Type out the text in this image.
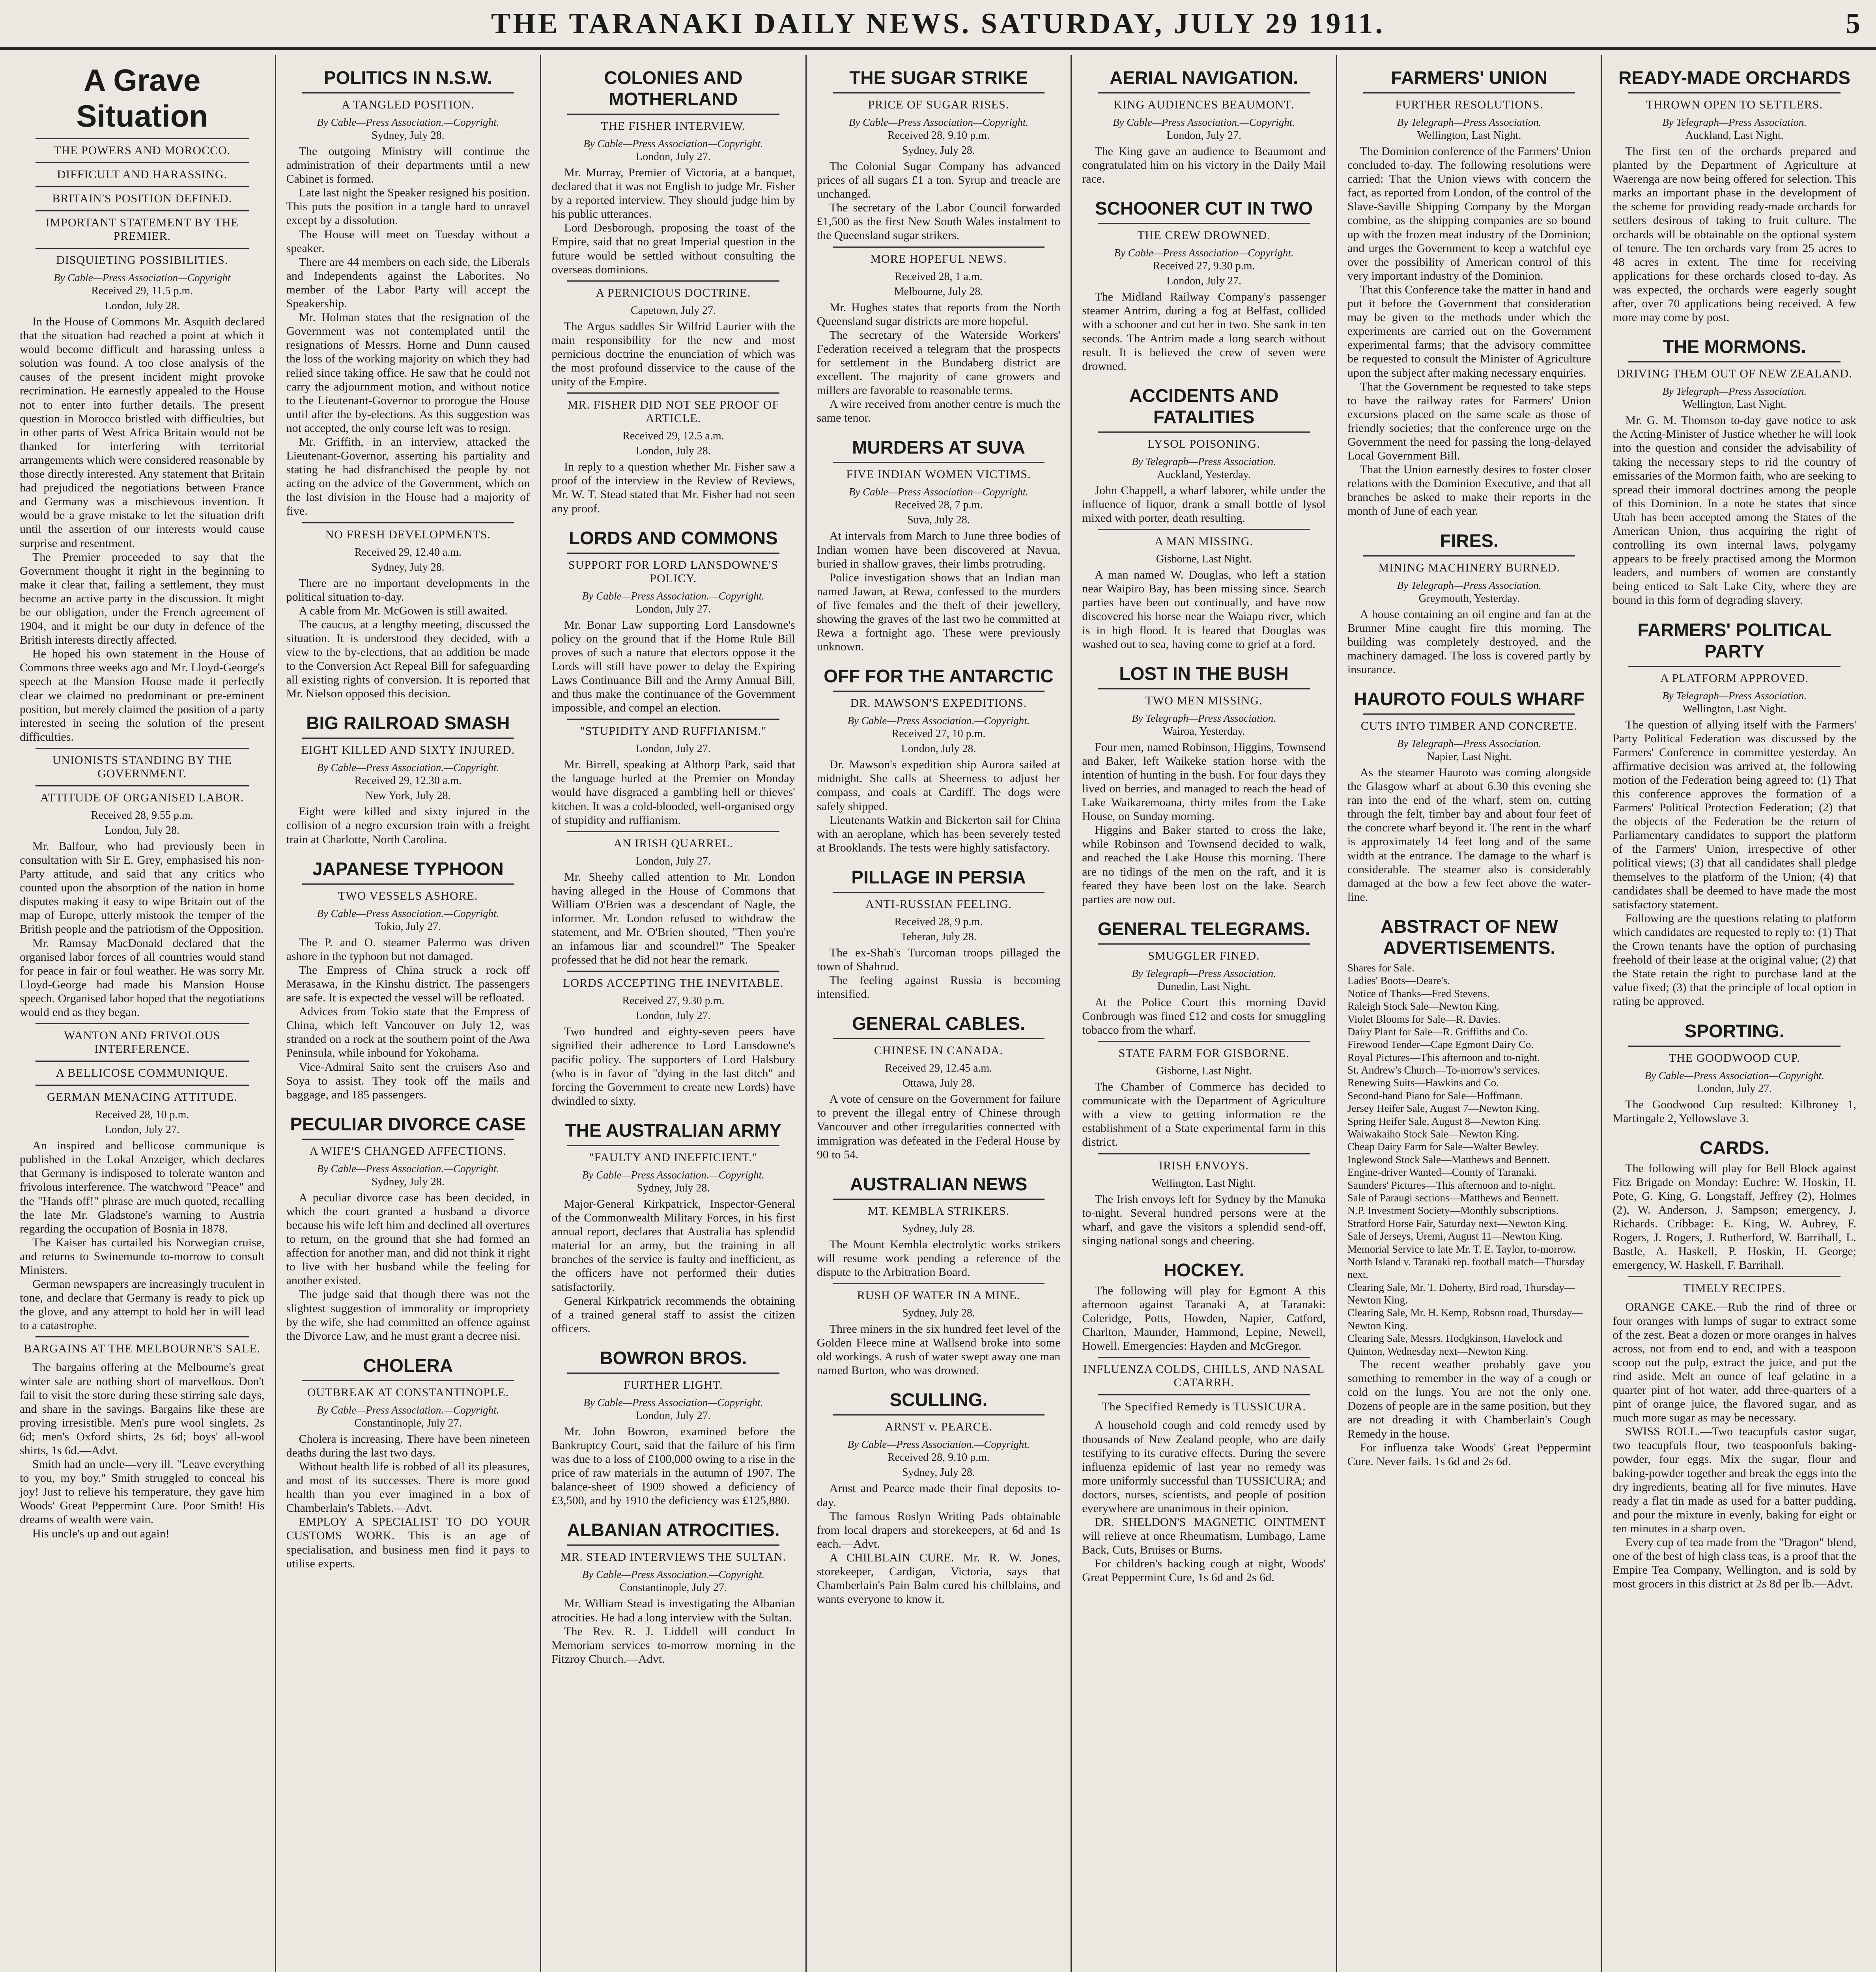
THE TARANAKI DAILY NEWS. SATURDAY, JULY 29 1911.	5
A Grave Situation
THE POWERS AND MOROCCO.
DIFFICULT AND HARASSING.
BRITAIN'S POSITION DEFINED.
IMPORTANT STATEMENT BY THE PREMIER.
DISQUIETING POSSIBILITIES.
By Cable—Press Association—Copyright
Received 29, 11.5 p.m.
London, July 28.

In the House of Commons Mr. Asquith declared that the situation had reached a point at which it would become difficult and harassing unless a solution was found. A too close analysis of the causes of the present incident might provoke recrimination. He earnestly appealed to the House not to enter into further details. The present question in Morocco bristled with difficulties, but in other parts of West Africa Britain would not be thanked for interfering with territorial arrangements which were considered reasonable by those directly interested. Any statement that Britain had prejudiced the negotiations between France and Germany was a mischievous invention. It would be a grave mistake to let the situation drift until the assertion of our interests would cause surprise and resentment.

The Premier proceeded to say that the Government thought it right in the beginning to make it clear that, failing a settlement, they must become an active party in the discussion. It might be our obligation, under the French agreement of 1904, and it might be our duty in defence of the British interests directly affected.

He hoped his own statement in the House of Commons three weeks ago and Mr. Lloyd-George's speech at the Mansion House made it perfectly clear we claimed no predominant or pre-eminent position, but merely claimed the position of a party interested in seeing the solution of the present difficulties.

UNIONISTS STANDING BY THE GOVERNMENT.
ATTITUDE OF ORGANISED LABOR.
Received 28, 9.55 p.m.
London, July 28.

Mr. Balfour, who had previously been in consultation with Sir E. Grey, emphasised his non-Party attitude, and said that any critics who counted upon the absorption of the nation in home disputes making it easy to wipe Britain out of the map of Europe, utterly mistook the temper of the British people and the patriotism of the Opposition.

Mr. Ramsay MacDonald declared that the organised labor forces of all countries would stand for peace in fair or foul weather. He was sorry Mr. Lloyd-George had made his Mansion House speech. Organised labor hoped that the negotiations would end as they began.

WANTON AND FRIVOLOUS INTERFERENCE.
A BELLICOSE COMMUNIQUE.
GERMAN MENACING ATTITUDE.
Received 28, 10 p.m.
London, July 27.

An inspired and bellicose communique is published in the Lokal Anzeiger, which declares that Germany is indisposed to tolerate wanton and frivolous interference. The watchword "Peace" and the "Hands off!" phrase are much quoted, recalling the late Mr. Gladstone's warning to Austria regarding the occupation of Bosnia in 1878.

The Kaiser has curtailed his Norwegian cruise, and returns to Swinemunde to-morrow to consult Ministers.

German newspapers are increasingly truculent in tone, and declare that Germany is ready to pick up the glove, and any attempt to hold her in will lead to a catastrophe.

BARGAINS AT THE MELBOURNE'S SALE.

The bargains offering at the Melbourne's great winter sale are nothing short of marvellous. Don't fail to visit the store during these stirring sale days, and share in the savings. Bargains like these are proving irresistible. Men's pure wool singlets, 2s 6d; men's Oxford shirts, 2s 6d; boys' all-wool shirts, 1s 6d.—Advt.

Smith had an uncle—very ill. "Leave everything to you, my boy." Smith struggled to conceal his joy! Just to relieve his temperature, they gave him Woods' Great Peppermint Cure. Poor Smith! His dreams of wealth were vain.

His uncle's up and out again!

POLITICS IN N.S.W.
A TANGLED POSITION.
By Cable—Press Association.—Copyright.
Sydney, July 28.

The outgoing Ministry will continue the administration of their departments until a new Cabinet is formed.

Late last night the Speaker resigned his position. This puts the position in a tangle hard to unravel except by a dissolution.

The House will meet on Tuesday without a speaker.

There are 44 members on each side, the Liberals and Independents against the Laborites. No member of the Labor Party will accept the Speakership.

Mr. Holman states that the resignation of the Government was not contemplated until the resignations of Messrs. Horne and Dunn caused the loss of the working majority on which they had relied since taking office. He saw that he could not carry the adjournment motion, and without notice to the Lieutenant-Governor to prorogue the House until after the by-elections. As this suggestion was not accepted, the only course left was to resign.

Mr. Griffith, in an interview, attacked the Lieutenant-Governor, asserting his partiality and stating he had disfranchised the people by not acting on the advice of the Government, which on the last division in the House had a majority of five.

NO FRESH DEVELOPMENTS.
Received 29, 12.40 a.m.
Sydney, July 28.

There are no important developments in the political situation to-day.

A cable from Mr. McGowen is still awaited.

The caucus, at a lengthy meeting, discussed the situation. It is understood they decided, with a view to the by-elections, that an addition be made to the Conversion Act Repeal Bill for safeguarding all existing rights of conversion. It is reported that Mr. Nielson opposed this decision.

BIG RAILROAD SMASH
EIGHT KILLED AND SIXTY INJURED.
By Cable—Press Association.—Copyright.
Received 29, 12.30 a.m.
New York, July 28.

Eight were killed and sixty injured in the collision of a negro excursion train with a freight train at Charlotte, North Carolina.

JAPANESE TYPHOON
TWO VESSELS ASHORE.
By Cable—Press Association.—Copyright.
Tokio, July 27.

The P. and O. steamer Palermo was driven ashore in the typhoon but not damaged.

The Empress of China struck a rock off Merasawa, in the Kinshu district. The passengers are safe. It is expected the vessel will be refloated.

Advices from Tokio state that the Empress of China, which left Vancouver on July 12, was stranded on a rock at the southern point of the Awa Peninsula, while inbound for Yokohama.

Vice-Admiral Saito sent the cruisers Aso and Soya to assist. They took off the mails and baggage, and 185 passengers.

PECULIAR DIVORCE CASE
A WIFE'S CHANGED AFFECTIONS.
By Cable—Press Association.—Copyright.
Sydney, July 28.

A peculiar divorce case has been decided, in which the court granted a husband a divorce because his wife left him and declined all overtures to return, on the ground that she had formed an affection for another man, and did not think it right to live with her husband while the feeling for another existed.

The judge said that though there was not the slightest suggestion of immorality or impropriety by the wife, she had committed an offence against the Divorce Law, and he must grant a decree nisi.

CHOLERA
OUTBREAK AT CONSTANTINOPLE.
By Cable—Press Association.—Copyright.
Constantinople, July 27.

Cholera is increasing. There have been nineteen deaths during the last two days.

Without health life is robbed of all its pleasures, and most of its successes. There is more good health than you ever imagined in a box of Chamberlain's Tablets.—Advt.

EMPLOY A SPECIALIST TO DO YOUR CUSTOMS WORK. This is an age of specialisation, and business men find it pays to utilise experts.

COLONIES AND MOTHERLAND
THE FISHER INTERVIEW.
By Cable—Press Association—Copyright.
London, July 27.

Mr. Murray, Premier of Victoria, at a banquet, declared that it was not English to judge Mr. Fisher by a reported interview. They should judge him by his public utterances.

Lord Desborough, proposing the toast of the Empire, said that no great Imperial question in the future would be settled without consulting the overseas dominions.

A PERNICIOUS DOCTRINE.
Capetown, July 27.

The Argus saddles Sir Wilfrid Laurier with the main responsibility for the new and most pernicious doctrine the enunciation of which was the most profound disservice to the cause of the unity of the Empire.

MR. FISHER DID NOT SEE PROOF OF ARTICLE.
Received 29, 12.5 a.m.
London, July 28.

In reply to a question whether Mr. Fisher saw a proof of the interview in the Review of Reviews, Mr. W. T. Stead stated that Mr. Fisher had not seen any proof.

LORDS AND COMMONS
SUPPORT FOR LORD LANSDOWNE'S POLICY.
By Cable—Press Association.—Copyright.
London, July 27.

Mr. Bonar Law supporting Lord Lansdowne's policy on the ground that if the Home Rule Bill proves of such a nature that electors oppose it the Lords will still have power to delay the Expiring Laws Continuance Bill and the Army Annual Bill, and thus make the continuance of the Government impossible, and compel an election.

"STUPIDITY AND RUFFIANISM."
London, July 27.

Mr. Birrell, speaking at Althorp Park, said that the language hurled at the Premier on Monday would have disgraced a gambling hell or thieves' kitchen. It was a cold-blooded, well-organised orgy of stupidity and ruffianism.

AN IRISH QUARREL.
London, July 27.

Mr. Sheehy called attention to Mr. London having alleged in the House of Commons that William O'Brien was a descendant of Nagle, the informer. Mr. London refused to withdraw the statement, and Mr. O'Brien shouted, "Then you're an infamous liar and scoundrel!" The Speaker professed that he did not hear the remark.

LORDS ACCEPTING THE INEVITABLE.
Received 27, 9.30 p.m.
London, July 27.

Two hundred and eighty-seven peers have signified their adherence to Lord Lansdowne's pacific policy. The supporters of Lord Halsbury (who is in favor of "dying in the last ditch" and forcing the Government to create new Lords) have dwindled to sixty.

THE AUSTRALIAN ARMY
"FAULTY AND INEFFICIENT."
By Cable—Press Association.—Copyright.
Sydney, July 28.

Major-General Kirkpatrick, Inspector-General of the Commonwealth Military Forces, in his first annual report, declares that Australia has splendid material for an army, but the training in all branches of the service is faulty and inefficient, as the officers have not performed their duties satisfactorily.

General Kirkpatrick recommends the obtaining of a trained general staff to assist the citizen officers.

BOWRON BROS.
FURTHER LIGHT.
By Cable—Press Association—Copyright.
London, July 27.

Mr. John Bowron, examined before the Bankruptcy Court, said that the failure of his firm was due to a loss of £100,000 owing to a rise in the price of raw materials in the autumn of 1907. The balance-sheet of 1909 showed a deficiency of £3,500, and by 1910 the deficiency was £125,880.

ALBANIAN ATROCITIES.
MR. STEAD INTERVIEWS THE SULTAN.
By Cable—Press Association.—Copyright.
Constantinople, July 27.

Mr. William Stead is investigating the Albanian atrocities. He had a long interview with the Sultan.

The Rev. R. J. Liddell will conduct In Memoriam services to-morrow morning in the Fitzroy Church.—Advt.

THE SUGAR STRIKE
PRICE OF SUGAR RISES.
By Cable—Press Association—Copyright.
Received 28, 9.10 p.m.
Sydney, July 28.

The Colonial Sugar Company has advanced prices of all sugars £1 a ton. Syrup and treacle are unchanged.

The secretary of the Labor Council forwarded £1,500 as the first New South Wales instalment to the Queensland sugar strikers.

MORE HOPEFUL NEWS.
Received 28, 1 a.m.
Melbourne, July 28.

Mr. Hughes states that reports from the North Queensland sugar districts are more hopeful.

The secretary of the Waterside Workers' Federation received a telegram that the prospects for settlement in the Bundaberg district are excellent. The majority of cane growers and millers are favorable to reasonable terms.

A wire received from another centre is much the same tenor.

MURDERS AT SUVA
FIVE INDIAN WOMEN VICTIMS.
By Cable—Press Association—Copyright.
Received 28, 7 p.m.
Suva, July 28.

At intervals from March to June three bodies of Indian women have been discovered at Navua, buried in shallow graves, their limbs protruding.

Police investigation shows that an Indian man named Jawan, at Rewa, confessed to the murders of five females and the theft of their jewellery, showing the graves of the last two he committed at Rewa a fortnight ago. These were previously unknown.

OFF FOR THE ANTARCTIC
DR. MAWSON'S EXPEDITIONS.
By Cable—Press Association.—Copyright.
Received 27, 10 p.m.
London, July 28.

Dr. Mawson's expedition ship Aurora sailed at midnight. She calls at Sheerness to adjust her compass, and coals at Cardiff. The dogs were safely shipped.

Lieutenants Watkin and Bickerton sail for China with an aeroplane, which has been severely tested at Brooklands. The tests were highly satisfactory.

PILLAGE IN PERSIA
ANTI-RUSSIAN FEELING.
Received 28, 9 p.m.
Teheran, July 28.

The ex-Shah's Turcoman troops pillaged the town of Shahrud.

The feeling against Russia is becoming intensified.

GENERAL CABLES.
CHINESE IN CANADA.
Received 29, 12.45 a.m.
Ottawa, July 28.

A vote of censure on the Government for failure to prevent the illegal entry of Chinese through Vancouver and other irregularities connected with immigration was defeated in the Federal House by 90 to 54.

AUSTRALIAN NEWS
MT. KEMBLA STRIKERS.
Sydney, July 28.

The Mount Kembla electrolytic works strikers will resume work pending a reference of the dispute to the Arbitration Board.

RUSH OF WATER IN A MINE.
Sydney, July 28.

Three miners in the six hundred feet level of the Golden Fleece mine at Wallsend broke into some old workings. A rush of water swept away one man named Burton, who was drowned.

SCULLING.
ARNST v. PEARCE.
By Cable—Press Association.—Copyright.
Received 28, 9.10 p.m.
Sydney, July 28.

Arnst and Pearce made their final deposits to-day.

The famous Roslyn Writing Pads obtainable from local drapers and storekeepers, at 6d and 1s each.—Advt.

A CHILBLAIN CURE. Mr. R. W. Jones, storekeeper, Cardigan, Victoria, says that Chamberlain's Pain Balm cured his chilblains, and wants everyone to know it.

AERIAL NAVIGATION.
KING AUDIENCES BEAUMONT.
By Cable—Press Association.—Copyright.
London, July 27.

The King gave an audience to Beaumont and congratulated him on his victory in the Daily Mail race.

SCHOONER CUT IN TWO
THE CREW DROWNED.
By Cable—Press Association—Copyright.
Received 27, 9.30 p.m.
London, July 27.

The Midland Railway Company's passenger steamer Antrim, during a fog at Belfast, collided with a schooner and cut her in two. She sank in ten seconds. The Antrim made a long search without result. It is believed the crew of seven were drowned.

ACCIDENTS AND FATALITIES
LYSOL POISONING.
By Telegraph—Press Association.
Auckland, Yesterday.

John Chappell, a wharf laborer, while under the influence of liquor, drank a small bottle of lysol mixed with porter, death resulting.

A MAN MISSING.
Gisborne, Last Night.

A man named W. Douglas, who left a station near Waipiro Bay, has been missing since. Search parties have been out continually, and have now discovered his horse near the Waiapu river, which is in high flood. It is feared that Douglas was washed out to sea, having come to grief at a ford.

LOST IN THE BUSH
TWO MEN MISSING.
By Telegraph—Press Association.
Wairoa, Yesterday.

Four men, named Robinson, Higgins, Townsend and Baker, left Waikeke station horse with the intention of hunting in the bush. For four days they lived on berries, and managed to reach the head of Lake Waikaremoana, thirty miles from the Lake House, on Sunday morning.

Higgins and Baker started to cross the lake, while Robinson and Townsend decided to walk, and reached the Lake House this morning. There are no tidings of the men on the raft, and it is feared they have been lost on the lake. Search parties are now out.

GENERAL TELEGRAMS.
SMUGGLER FINED.
By Telegraph—Press Association.
Dunedin, Last Night.

At the Police Court this morning David Conbrough was fined £12 and costs for smuggling tobacco from the wharf.

STATE FARM FOR GISBORNE.
Gisborne, Last Night.

The Chamber of Commerce has decided to communicate with the Department of Agriculture with a view to getting information re the establishment of a State experimental farm in this district.

IRISH ENVOYS.
Wellington, Last Night.

The Irish envoys left for Sydney by the Manuka to-night. Several hundred persons were at the wharf, and gave the visitors a splendid send-off, singing national songs and cheering.

HOCKEY.

The following will play for Egmont A this afternoon against Taranaki A, at Taranaki: Coleridge, Potts, Howden, Napier, Catford, Charlton, Maunder, Hammond, Lepine, Newell, Howell. Emergencies: Hayden and McGregor.

INFLUENZA COLDS, CHILLS, AND NASAL CATARRH.
The Specified Remedy is TUSSICURA.

A household cough and cold remedy used by thousands of New Zealand people, who are daily testifying to its curative effects. During the severe influenza epidemic of last year no remedy was more uniformly successful than TUSSICURA; and doctors, nurses, scientists, and people of position everywhere are unanimous in their opinion.

DR. SHELDON'S MAGNETIC OINTMENT will relieve at once Rheumatism, Lumbago, Lame Back, Cuts, Bruises or Burns.

For children's hacking cough at night, Woods' Great Peppermint Cure, 1s 6d and 2s 6d.

FARMERS' UNION
FURTHER RESOLUTIONS.
By Telegraph—Press Association.
Wellington, Last Night.

The Dominion conference of the Farmers' Union concluded to-day. The following resolutions were carried: That the Union views with concern the fact, as reported from London, of the control of the Slave-Saville Shipping Company by the Morgan combine, as the shipping companies are so bound up with the frozen meat industry of the Dominion; and urges the Government to keep a watchful eye over the possibility of American control of this very important industry of the Dominion.

That this Conference take the matter in hand and put it before the Government that consideration may be given to the methods under which the experiments are carried out on the Government experimental farms; that the advisory committee be requested to consult the Minister of Agriculture upon the subject after making necessary enquiries.

That the Government be requested to take steps to have the railway rates for Farmers' Union excursions placed on the same scale as those of friendly societies; that the conference urge on the Government the need for passing the long-delayed Local Government Bill.

That the Union earnestly desires to foster closer relations with the Dominion Executive, and that all branches be asked to make their reports in the month of June of each year.

FIRES.
MINING MACHINERY BURNED.
By Telegraph—Press Association.
Greymouth, Yesterday.

A house containing an oil engine and fan at the Brunner Mine caught fire this morning. The building was completely destroyed, and the machinery damaged. The loss is covered partly by insurance.

HAUROTO FOULS WHARF
CUTS INTO TIMBER AND CONCRETE.
By Telegraph—Press Association.
Napier, Last Night.

As the steamer Hauroto was coming alongside the Glasgow wharf at about 6.30 this evening she ran into the end of the wharf, stem on, cutting through the felt, timber bay and about four feet of the concrete wharf beyond it. The rent in the wharf is approximately 14 feet long and of the same width at the entrance. The damage to the wharf is considerable. The steamer also is considerably damaged at the bow a few feet above the water-line.

ABSTRACT OF NEW ADVERTISEMENTS.
Shares for Sale.
Ladies' Boots—Deare's.
Notice of Thanks—Fred Stevens.
Raleigh Stock Sale—Newton King.
Violet Blooms for Sale—R. Davies.
Dairy Plant for Sale—R. Griffiths and Co.
Firewood Tender—Cape Egmont Dairy Co.
Royal Pictures—This afternoon and to-night.
St. Andrew's Church—To-morrow's services.
Renewing Suits—Hawkins and Co.
Second-hand Piano for Sale—Hoffmann.
Jersey Heifer Sale, August 7—Newton King.
Spring Heifer Sale, August 8—Newton King.
Waiwakaiho Stock Sale—Newton King.
Cheap Dairy Farm for Sale—Walter Bewley.
Inglewood Stock Sale—Matthews and Bennett.
Engine-driver Wanted—County of Taranaki.
Saunders' Pictures—This afternoon and to-night.
Sale of Paraugi sections—Matthews and Bennett.
N.P. Investment Society—Monthly subscriptions.
Stratford Horse Fair, Saturday next—Newton King.
Sale of Jerseys, Uremi, August 11—Newton King.
Memorial Service to late Mr. T. E. Taylor, to-morrow.
North Island v. Taranaki rep. football match—Thursday next.
Clearing Sale, Mr. T. Doherty, Bird road, Thursday—Newton King.
Clearing Sale, Mr. H. Kemp, Robson road, Thursday—Newton King.
Clearing Sale, Messrs. Hodgkinson, Havelock and Quinton, Wednesday next—Newton King.

The recent weather probably gave you something to remember in the way of a cough or cold on the lungs. You are not the only one. Dozens of people are in the same position, but they are not dreading it with Chamberlain's Cough Remedy in the house.

For influenza take Woods' Great Peppermint Cure. Never fails. 1s 6d and 2s 6d.

READY-MADE ORCHARDS
THROWN OPEN TO SETTLERS.
By Telegraph—Press Association.
Auckland, Last Night.

The first ten of the orchards prepared and planted by the Department of Agriculture at Waerenga are now being offered for selection. This marks an important phase in the development of the scheme for providing ready-made orchards for settlers desirous of taking to fruit culture. The orchards will be obtainable on the optional system of tenure. The ten orchards vary from 25 acres to 48 acres in extent. The time for receiving applications for these orchards closed to-day. As was expected, the orchards were eagerly sought after, over 70 applications being received. A few more may come by post.

THE MORMONS.
DRIVING THEM OUT OF NEW ZEALAND.
By Telegraph—Press Association.
Wellington, Last Night.

Mr. G. M. Thomson to-day gave notice to ask the Acting-Minister of Justice whether he will look into the question and consider the advisability of taking the necessary steps to rid the country of emissaries of the Mormon faith, who are seeking to spread their immoral doctrines among the people of this Dominion. In a note he states that since Utah has been accepted among the States of the American Union, thus acquiring the right of controlling its own internal laws, polygamy appears to be freely practised among the Mormon leaders, and numbers of women are constantly being enticed to Salt Lake City, where they are bound in this form of degrading slavery.

FARMERS' POLITICAL PARTY
A PLATFORM APPROVED.
By Telegraph—Press Association.
Wellington, Last Night.

The question of allying itself with the Farmers' Party Political Federation was discussed by the Farmers' Conference in committee yesterday. An affirmative decision was arrived at, the following motion of the Federation being agreed to: (1) That this conference approves the formation of a Farmers' Political Protection Federation; (2) that the objects of the Federation be the return of Parliamentary candidates to support the platform of the Farmers' Union, irrespective of other political views; (3) that all candidates shall pledge themselves to the platform of the Union; (4) that candidates shall be deemed to have made the most satisfactory statement.

Following are the questions relating to platform which candidates are requested to reply to: (1) That the Crown tenants have the option of purchasing freehold of their lease at the original value; (2) that the State retain the right to purchase land at the value fixed; (3) that the principle of local option in rating be approved.

SPORTING.
THE GOODWOOD CUP.
By Cable—Press Association—Copyright.
London, July 27.

The Goodwood Cup resulted: Kilbroney 1, Martingale 2, Yellowslave 3.

CARDS.

The following will play for Bell Block against Fitz Brigade on Monday: Euchre: W. Hoskin, H. Pote, G. King, G. Longstaff, Jeffrey (2), Holmes (2), W. Anderson, J. Sampson; emergency, J. Richards. Cribbage: E. King, W. Aubrey, F. Rogers, J. Rogers, J. Rutherford, W. Barrihall, L. Bastle, A. Haskell, P. Hoskin, H. George; emergency, W. Haskell, F. Barrihall.

TIMELY RECIPES.

ORANGE CAKE.—Rub the rind of three or four oranges with lumps of sugar to extract some of the zest. Beat a dozen or more oranges in halves across, not from end to end, and with a teaspoon scoop out the pulp, extract the juice, and put the rind aside. Melt an ounce of leaf gelatine in a quarter pint of hot water, add three-quarters of a pint of orange juice, the flavored sugar, and as much more sugar as may be necessary.

SWISS ROLL.—Two teacupfuls castor sugar, two teacupfuls flour, two teaspoonfuls baking-powder, four eggs. Mix the sugar, flour and baking-powder together and break the eggs into the dry ingredients, beating all for five minutes. Have ready a flat tin made as used for a batter pudding, and pour the mixture in evenly, baking for eight or ten minutes in a sharp oven.

Every cup of tea made from the "Dragon" blend, one of the best of high class teas, is a proof that the Empire Tea Company, Wellington, and is sold by most grocers in this district at 2s 8d per lb.—Advt.
